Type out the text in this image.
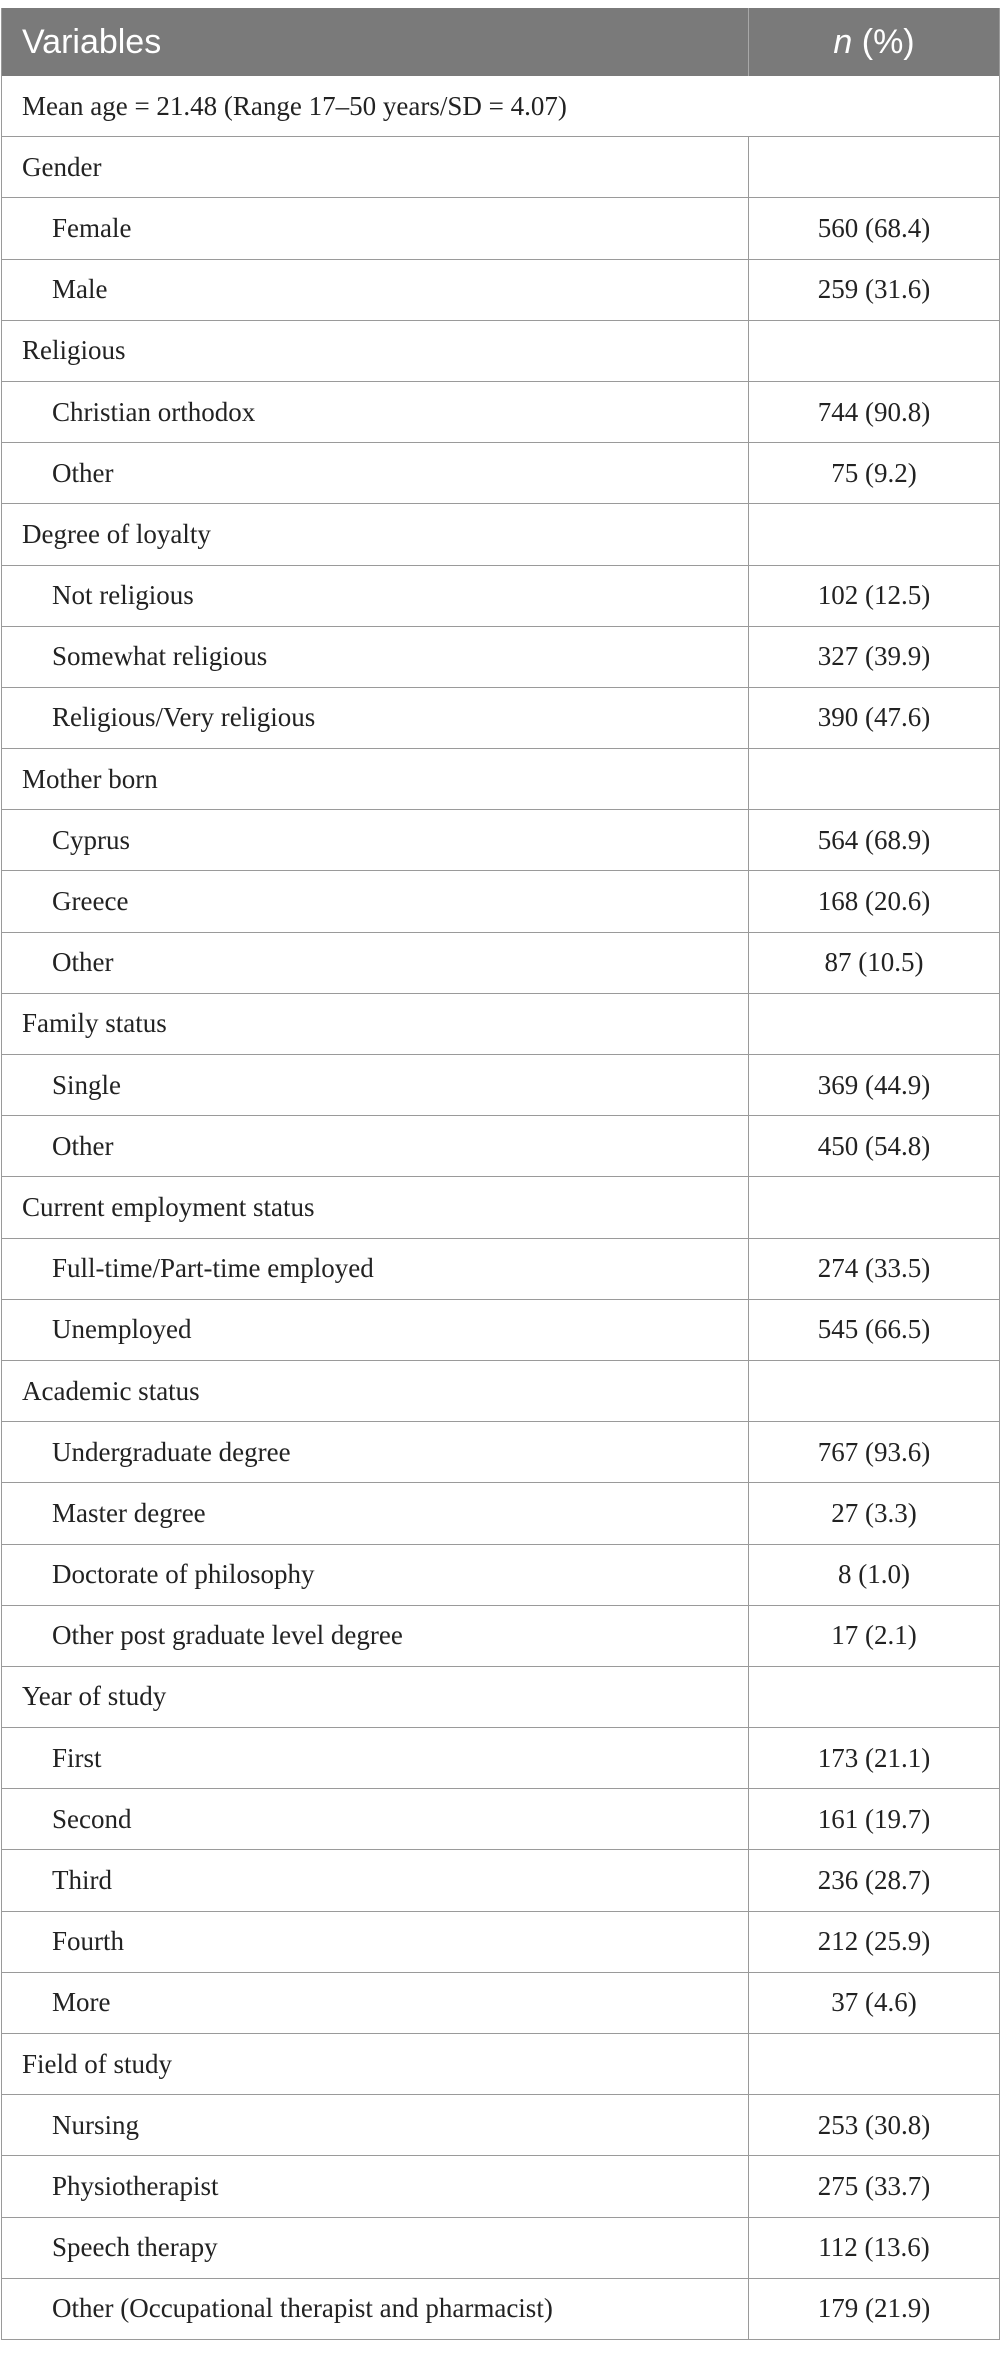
Variables	n (%)
Mean age = 21.48 (Range 17–50 years/SD = 4.07)
Gender
Female	560 (68.4)
Male	259 (31.6)
Religious
Christian orthodox	744 (90.8)
Other	75 (9.2)
Degree of loyalty
Not religious	102 (12.5)
Somewhat religious	327 (39.9)
Religious/Very religious	390 (47.6)
Mother born
Cyprus	564 (68.9)
Greece	168 (20.6)
Other	87 (10.5)
Family status
Single	369 (44.9)
Other	450 (54.8)
Current employment status
Full-time/Part-time employed	274 (33.5)
Unemployed	545 (66.5)
Academic status
Undergraduate degree	767 (93.6)
Master degree	27 (3.3)
Doctorate of philosophy	8 (1.0)
Other post graduate level degree	17 (2.1)
Year of study
First	173 (21.1)
Second	161 (19.7)
Third	236 (28.7)
Fourth	212 (25.9)
More	37 (4.6)
Field of study
Nursing	253 (30.8)
Physiotherapist	275 (33.7)
Speech therapy	112 (13.6)
Other (Occupational therapist and pharmacist)	179 (21.9)
